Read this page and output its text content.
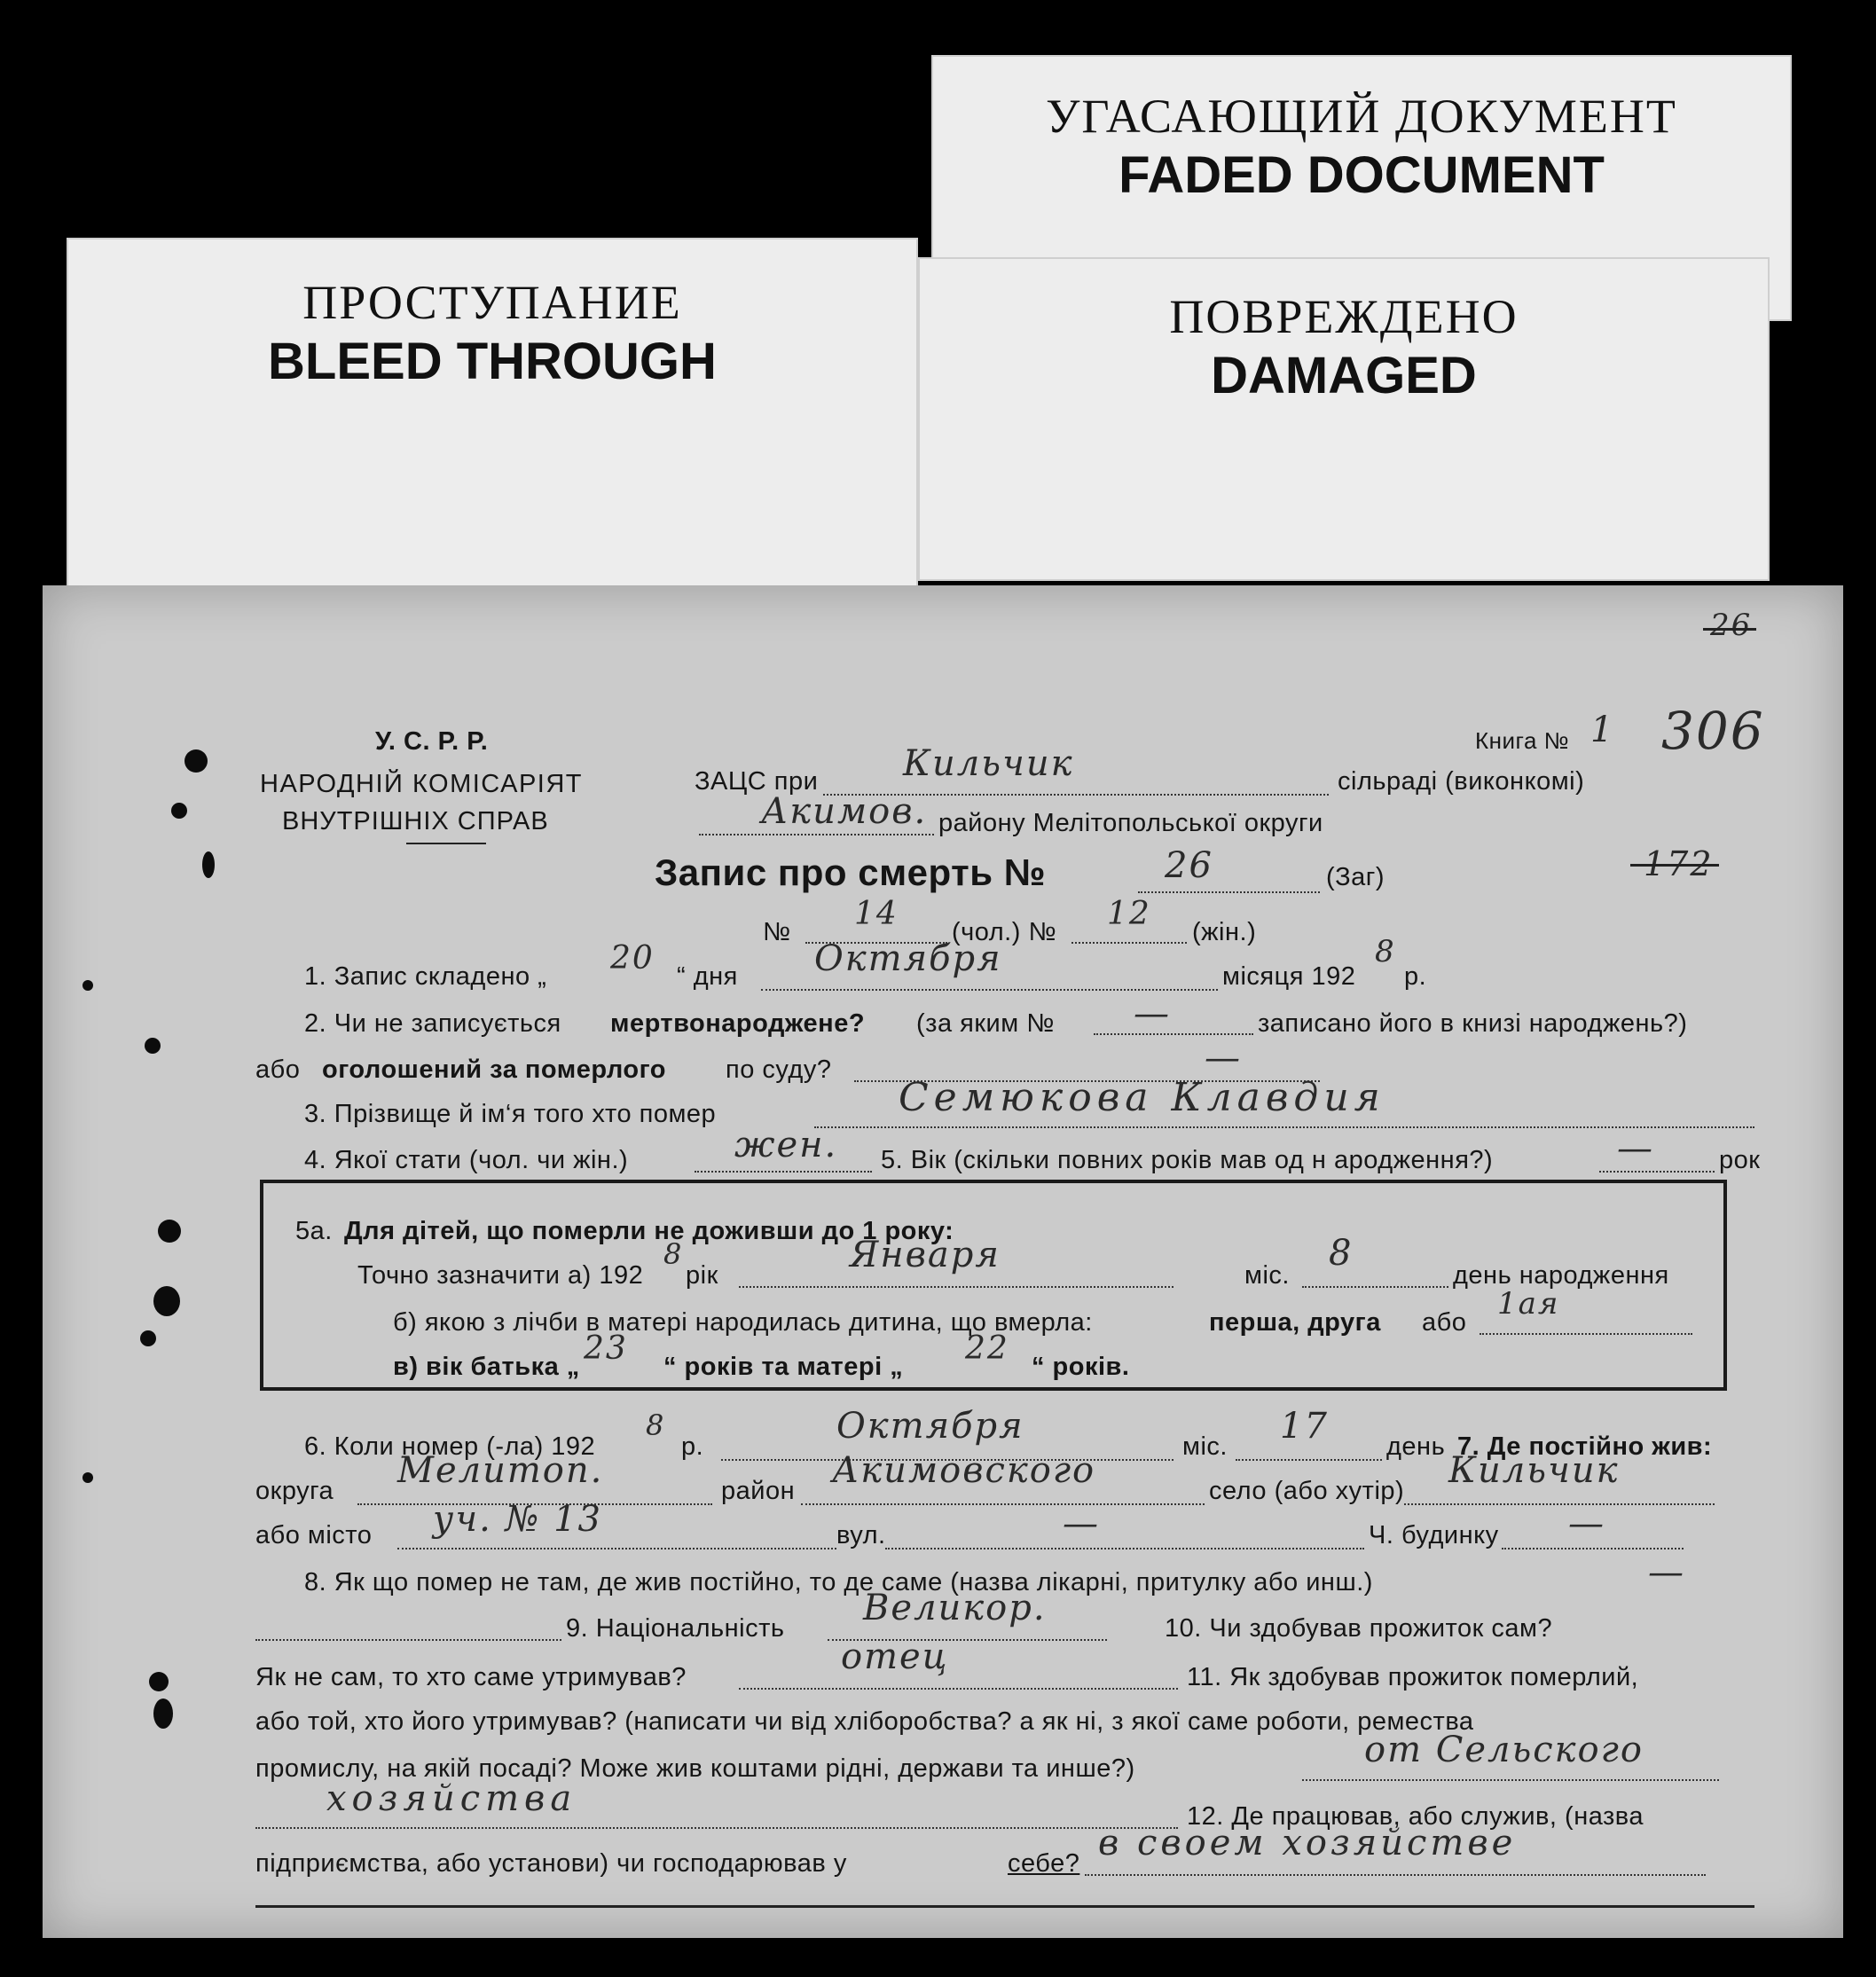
УГАСАЮЩИЙ ДОКУМЕНТ
FADED DOCUMENT
ПРОСТУПАНИЕ
BLEED THROUGH
ПОВРЕЖДЕНО
DAMAGED
26
172
У. С. Р. Р.
НАРОДНІЙ КОМІСАРІЯТ
ВНУТРІШНІХ СПРАВ
ЗАЦС при Кильчик	сільраді (виконкомі)
Книга № 1 306
Акимов. району Мелітопольської округи
Запис про смерть №	26	(Заг)
№ 14 (чол.) № 12 (жін.)
1. Запис складено „ 20 “ дня Октября	місяця 192
8
р.
2. Чи не записується мертвонароджене? (за яким № —	записано його в книзі народжень?)
або оголошений за померлого по суду?	—
3. Прізвище й ім‘я того хто помер	Семюкова Клавдия
4. Якої стати (чол. чи жін.)	жен. 5. Вік (скільки повних років мав од н ародження?)	—	рок
5а. Для дітей, що померли не доживши до 1 року:
Точно зазначити а) 192
8
рік	Января	міс.
8
день народження
б) якою з лічби в матері народилась дитина, що вмерла:	перша, друга або
1ая
в) вік батька „ 23 “ років та матері „ 22 “ років.
6. Коли номер (-ла) 192
8
р.	Октября	міс. 17 день 7. Де постійно жив:
округа Мелитоп.	район Акимовского	село (або хутір) Кильчик
або місто уч. № 13	вул.	—	Ч. будинку —
8. Як що помер не там, де жив постійно, то де саме (назва лікарні, притулку або инш.)	—
9. Національність Великор.	10. Чи здобував прожиток сам?
Як не сам, то хто саме утримував?	отец	11. Як здобував прожиток померлий,
або той, хто його утримував? (написати чи від хліборобства? а як ні, з якої саме роботи, ремества
промислу, на якій посаді? Може жив коштами рідні, держави та инше?)	от Сельского
хозяйства	12. Де працював, або служив, (назва
підприємства, або установи) чи господарював у	себе? в своем хозяйстве
